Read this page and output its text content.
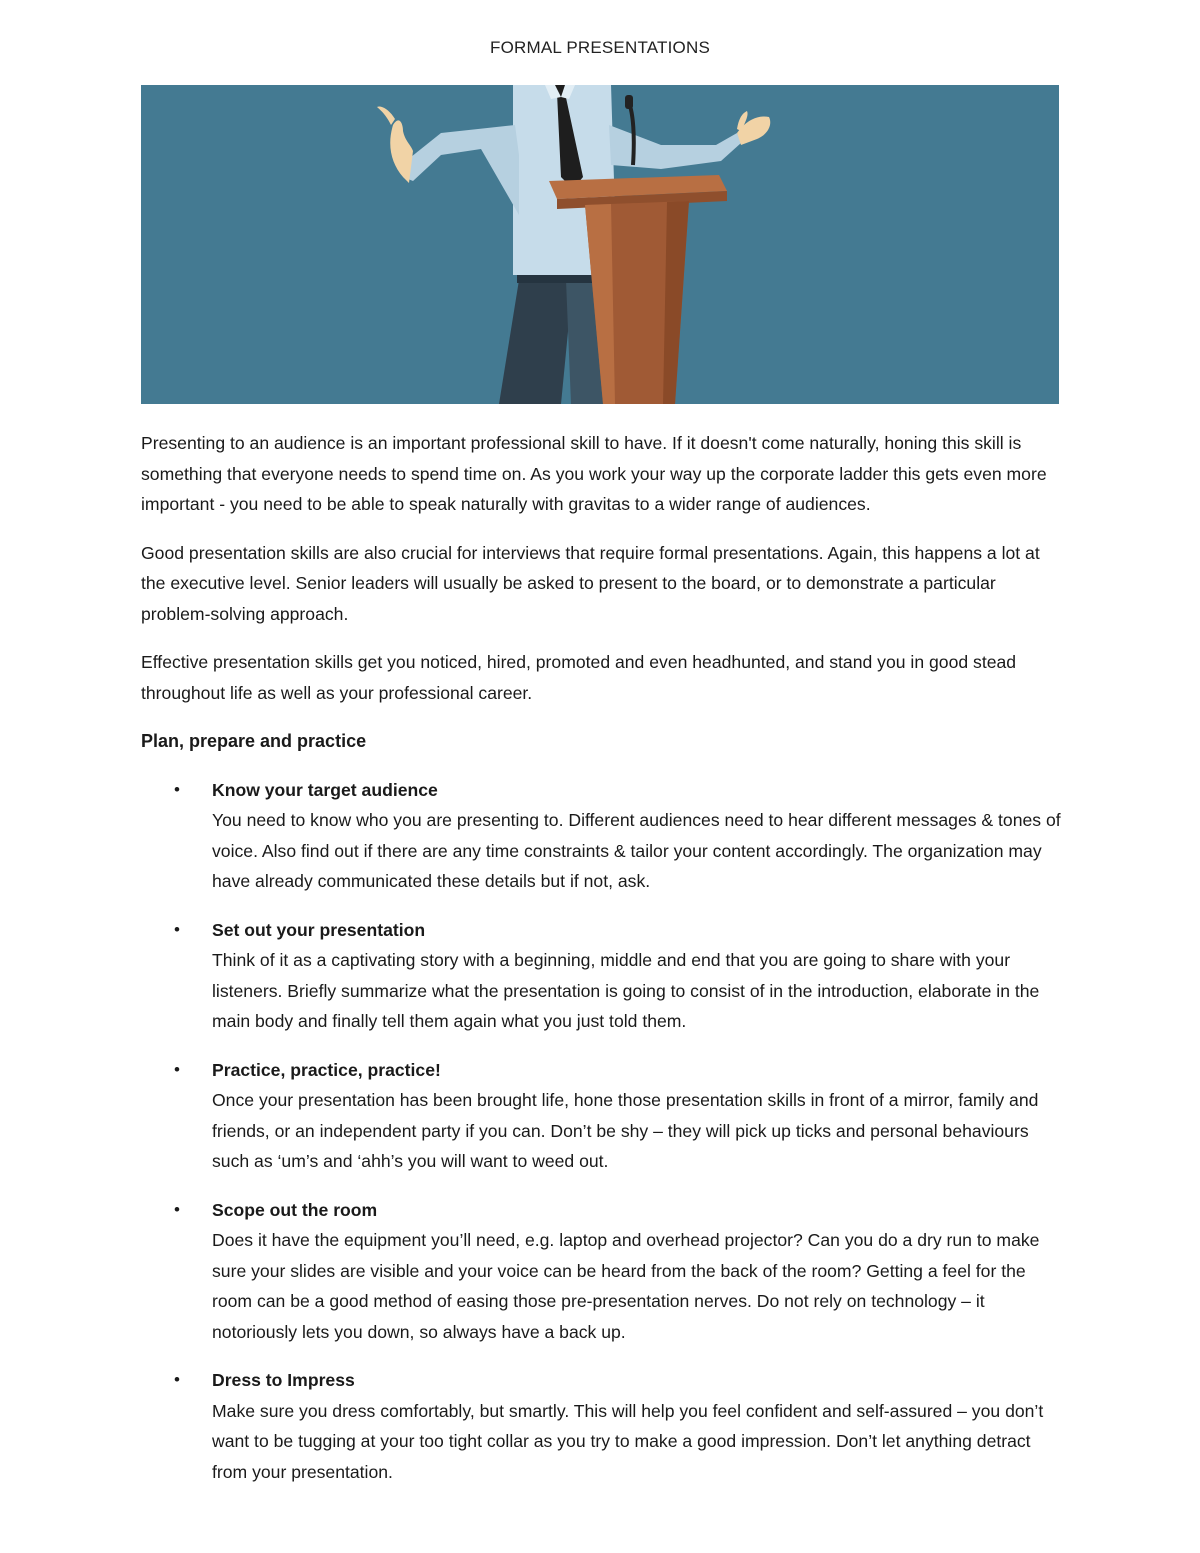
FORMAL PRESENTATIONS

Presenting to an audience is an important professional skill to have. If it doesn't come naturally, honing this skill is something that everyone needs to spend time on. As you work your way up the corporate ladder this gets even more important - you need to be able to speak naturally with gravitas to a wider range of audiences.

Good presentation skills are also crucial for interviews that require formal presentations. Again, this happens a lot at the executive level. Senior leaders will usually be asked to present to the board, or to demonstrate a particular problem-solving approach.

Effective presentation skills get you noticed, hired, promoted and even headhunted, and stand you in good stead throughout life as well as your professional career.

Plan, prepare and practice
• Know your target audience
You need to know who you are presenting to. Different audiences need to hear different messages & tones of voice. Also find out if there are any time constraints & tailor your content accordingly. The organization may have already communicated these details but if not, ask.
• Set out your presentation
Think of it as a captivating story with a beginning, middle and end that you are going to share with your listeners. Briefly summarize what the presentation is going to consist of in the introduction, elaborate in the main body and finally tell them again what you just told them.
• Practice, practice, practice!
Once your presentation has been brought life, hone those presentation skills in front of a mirror, family and friends, or an independent party if you can. Don’t be shy – they will pick up ticks and personal behaviours such as ‘um’s and ‘ahh’s you will want to weed out.
• Scope out the room
Does it have the equipment you’ll need, e.g. laptop and overhead projector? Can you do a dry run to make sure your slides are visible and your voice can be heard from the back of the room? Getting a feel for the room can be a good method of easing those pre-presentation nerves. Do not rely on technology – it notoriously lets you down, so always have a back up.
• Dress to Impress
Make sure you dress comfortably, but smartly. This will help you feel confident and self-assured – you don’t want to be tugging at your too tight collar as you try to make a good impression. Don’t let anything detract from your presentation.
